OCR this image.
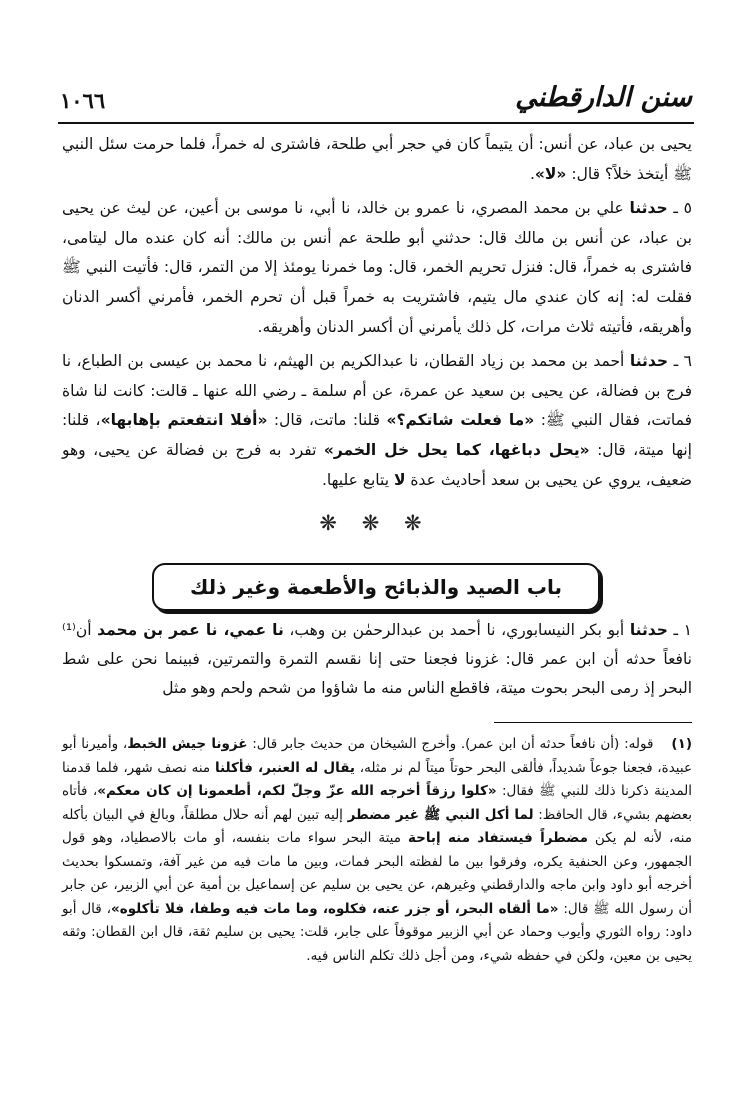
١٠٦٦	سنن الدارقطني

يحيى بن عباد، عن أنس: أن يتيماً كان في حجر أبي طلحة، فاشترى له خمراً، فلما حرمت سئل النبي ﷺ أيتخذ خلاً؟ قال: «لا».

٥ ـ حدثنا علي بن محمد المصري، نا عمرو بن خالد، نا أبي، نا موسى بن أعين، عن ليث عن يحيى بن عباد، عن أنس بن مالك قال: حدثني أبو طلحة عم أنس بن مالك: أنه كان عنده مال ليتامى، فاشترى به خمراً، قال: فنزل تحريم الخمر، قال: وما خمرنا يومئذ إلا من التمر، قال: فأتيت النبي ﷺ فقلت له: إنه كان عندي مال يتيم، فاشتريت به خمراً قبل أن تحرم الخمر، فأمرني أكسر الدنان وأهريقه، فأتيته ثلاث مرات، كل ذلك يأمرني أن أكسر الدنان وأهريقه.

٦ ـ حدثنا أحمد بن محمد بن زياد القطان، نا عبدالكريم بن الهيثم، نا محمد بن عيسى بن الطباع، نا فرج بن فضالة، عن يحيى بن سعيد عن عمرة، عن أم سلمة ـ رضي الله عنها ـ قالت: كانت لنا شاة فماتت، فقال النبي ﷺ: «ما فعلت شاتكم؟» قلنا: ماتت، قال: «أفلا انتفعتم بإهابها»، قلنا: إنها ميتة، قال: «يحل دباغها، كما يحل خل الخمر» تفرد به فرج بن فضالة عن يحيى، وهو ضعيف، يروي عن يحيى بن سعد أحاديث عدة لا يتابع عليها.

❋ ❋ ❋
باب الصيد والذبائح والأطعمة وغير ذلك

١ ـ حدثنا أبو بكر النيسابوري، نا أحمد بن عبدالرحمٰن بن وهب، نا عمي، نا عمر بن محمد أن⁽¹⁾ نافعاً حدثه أن ابن عمر قال: غزونا فجعنا حتى إنا نقسم التمرة والتمرتين، فبينما نحن على شط البحر إذ رمى البحر بحوت ميتة، فاقطع الناس منه ما شاؤوا من شحم ولحم وهو مثل

(١)قوله: (أن نافعاً حدثه أن ابن عمر). وأخرج الشيخان من حديث جابر قال: غزونا جيش الخبط، وأميرنا أبو عبيدة، فجعنا جوعاً شديداً، فألقى البحر حوتاً ميتاً لم نر مثله، يقال له العنبر، فأكلنا منه نصف شهر، فلما قدمنا المدينة ذكرنا ذلك للنبي ﷺ فقال: «كلوا رزقاً أخرجه الله عزّ وجلّ لكم، أطعمونا إن كان معكم»، فأتاه بعضهم بشيء، قال الحافظ: لما أكل النبي ﷺ غير مضطر إليه تبين لهم أنه حلال مطلقاً، وبالغ في البيان بأكله منه، لأنه لم يكن مضطراً فيستفاد منه إباحة ميتة البحر سواء مات بنفسه، أو مات بالاصطياد، وهو قول الجمهور، وعن الحنفية يكره، وفرقوا بين ما لفظته البحر فمات، وبين ما مات فيه من غير آفة، وتمسكوا بحديث أخرجه أبو داود وابن ماجه والدارقطني وغيرهم، عن يحيى بن سليم عن إسماعيل بن أمية عن أبي الزبير، عن جابر أن رسول الله ﷺ قال: «ما ألقاه البحر، أو جزر عنه، فكلوه، وما مات فيه وطفا، فلا تأكلوه»، قال أبو داود: رواه الثوري وأيوب وحماد عن أبي الزبير موقوفاً على جابر، قلت: يحيى بن سليم ثقة، قال ابن القطان: وثقه يحيى بن معين، ولكن في حفظه شيء، ومن أجل ذلك تكلم الناس فيه.
